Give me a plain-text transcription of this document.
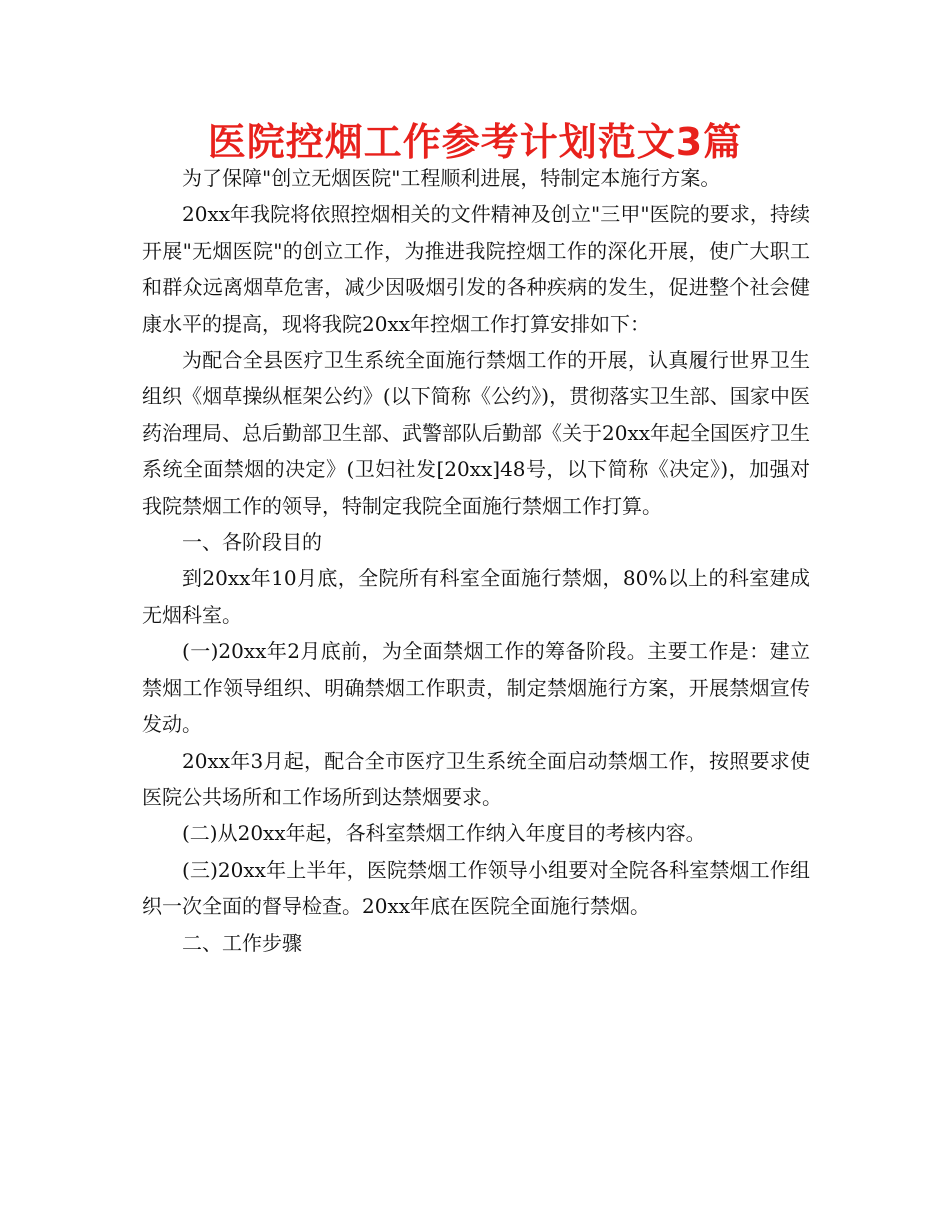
医院控烟工作参考计划范文3篇

为了保障"创立无烟医院"工程顺利进展，特制定本施行方案。

20xx年我院将依照控烟相关的文件精神及创立"三甲"医院的要求，持续开展"无烟医院"的创立工作，为推进我院控烟工作的深化开展，使广大职工和群众远离烟草危害，减少因吸烟引发的各种疾病的发生，促进整个社会健康水平的提高，现将我院20xx年控烟工作打算安排如下：

为配合全县医疗卫生系统全面施行禁烟工作的开展，认真履行世界卫生组织《烟草操纵框架公约》(以下简称《公约》)，贯彻落实卫生部、国家中医药治理局、总后勤部卫生部、武警部队后勤部《关于20xx年起全国医疗卫生系统全面禁烟的决定》(卫妇社发[20xx]48号，以下简称《决定》)，加强对我院禁烟工作的领导，特制定我院全面施行禁烟工作打算。

一、各阶段目的

到20xx年10月底，全院所有科室全面施行禁烟，80%以上的科室建成无烟科室。

(一)20xx年2月底前，为全面禁烟工作的筹备阶段。主要工作是：建立禁烟工作领导组织、明确禁烟工作职责，制定禁烟施行方案，开展禁烟宣传发动。

20xx年3月起，配合全市医疗卫生系统全面启动禁烟工作，按照要求使医院公共场所和工作场所到达禁烟要求。

(二)从20xx年起，各科室禁烟工作纳入年度目的考核内容。

(三)20xx年上半年，医院禁烟工作领导小组要对全院各科室禁烟工作组织一次全面的督导检查。20xx年底在医院全面施行禁烟。

二、工作步骤
